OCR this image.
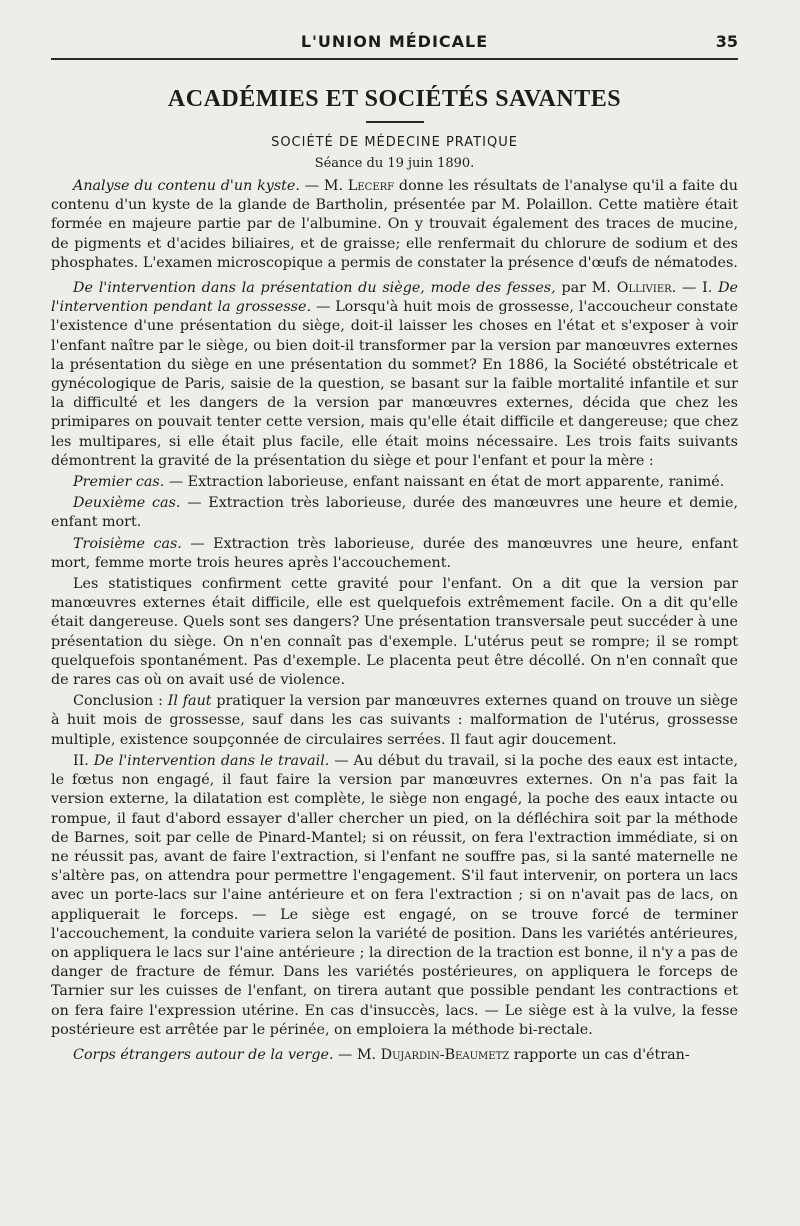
L'UNION MÉDICALE	35
ACADÉMIES ET SOCIÉTÉS SAVANTES
SOCIÉTÉ DE MÉDECINE PRATIQUE
Séance du 19 juin 1890.

Analyse du contenu d'un kyste. — M. Lecerf donne les résultats de l'analyse qu'il a faite du contenu d'un kyste de la glande de Bartholin, présentée par M. Polaillon. Cette matière était formée en majeure partie par de l'albumine. On y trouvait également des traces de mucine, de pigments et d'acides biliaires, et de graisse; elle renfermait du chlorure de sodium et des phosphates. L'examen microscopique a permis de constater la présence d'œufs de nématodes.

De l'intervention dans la présentation du siège, mode des fesses, par M. Ollivier. — I. De l'intervention pendant la grossesse. — Lorsqu'à huit mois de grossesse, l'accoucheur constate l'existence d'une présentation du siège, doit-il laisser les choses en l'état et s'exposer à voir l'enfant naître par le siège, ou bien doit-il transformer par la version par manœuvres externes la présentation du siège en une présentation du sommet? En 1886, la Société obstétricale et gynécologique de Paris, saisie de la question, se basant sur la faible mortalité infantile et sur la difficulté et les dangers de la version par manœuvres externes, décida que chez les primipares on pouvait tenter cette version, mais qu'elle était difficile et dangereuse; que chez les multipares, si elle était plus facile, elle était moins nécessaire. Les trois faits suivants démontrent la gravité de la présentation du siège et pour l'enfant et pour la mère :

Premier cas. — Extraction laborieuse, enfant naissant en état de mort apparente, ranimé.

Deuxième cas. — Extraction très laborieuse, durée des manœuvres une heure et demie, enfant mort.

Troisième cas. — Extraction très laborieuse, durée des manœuvres une heure, enfant mort, femme morte trois heures après l'accouchement.

Les statistiques confirment cette gravité pour l'enfant. On a dit que la version par manœuvres externes était difficile, elle est quelquefois extrêmement facile. On a dit qu'elle était dangereuse. Quels sont ses dangers? Une présentation transversale peut succéder à une présentation du siège. On n'en connaît pas d'exemple. L'utérus peut se rompre; il se rompt quelquefois spontanément. Pas d'exemple. Le placenta peut être décollé. On n'en connaît que de rares cas où on avait usé de violence.

Conclusion : Il faut pratiquer la version par manœuvres externes quand on trouve un siège à huit mois de grossesse, sauf dans les cas suivants : malformation de l'utérus, grossesse multiple, existence soupçonnée de circulaires serrées. Il faut agir doucement.

II. De l'intervention dans le travail. — Au début du travail, si la poche des eaux est intacte, le fœtus non engagé, il faut faire la version par manœuvres externes. On n'a pas fait la version externe, la dilatation est complète, le siège non engagé, la poche des eaux intacte ou rompue, il faut d'abord essayer d'aller chercher un pied, on la défléchira soit par la méthode de Barnes, soit par celle de Pinard-Mantel; si on réussit, on fera l'extraction immédiate, si on ne réussit pas, avant de faire l'extraction, si l'enfant ne souffre pas, si la santé maternelle ne s'altère pas, on attendra pour permettre l'engagement. S'il faut intervenir, on portera un lacs avec un porte-lacs sur l'aine antérieure et on fera l'extraction ; si on n'avait pas de lacs, on appliquerait le forceps. — Le siège est engagé, on se trouve forcé de terminer l'accouchement, la conduite variera selon la variété de position. Dans les variétés antérieures, on appliquera le lacs sur l'aine antérieure ; la direction de la traction est bonne, il n'y a pas de danger de fracture de fémur. Dans les variétés postérieures, on appliquera le forceps de Tarnier sur les cuisses de l'enfant, on tirera autant que possible pendant les contractions et on fera faire l'expression utérine. En cas d'insuccès, lacs. — Le siège est à la vulve, la fesse postérieure est arrêtée par le périnée, on emploiera la méthode bi-rectale.

Corps étrangers autour de la verge. — M. Dujardin-Beaumetz rapporte un cas d'étran-
